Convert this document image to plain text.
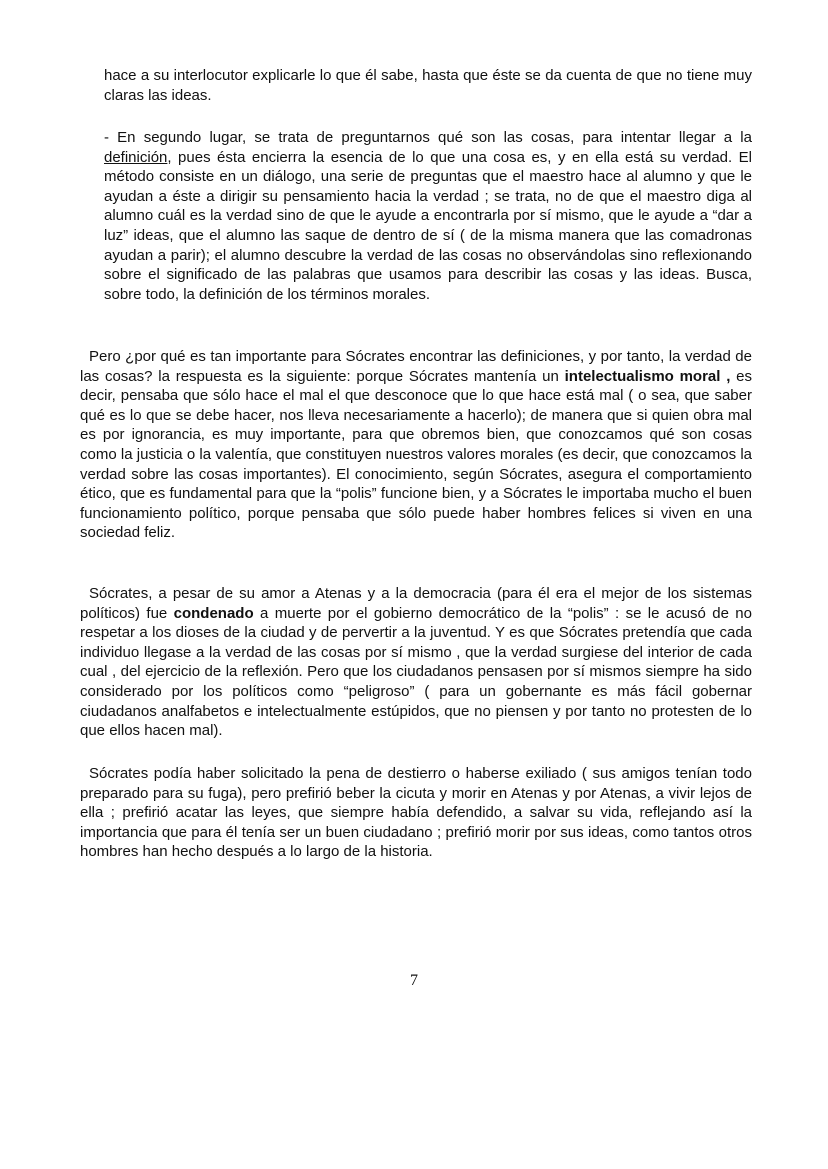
hace a su interlocutor explicarle lo que él sabe, hasta que éste se da cuenta de que no tiene muy claras las ideas.

- En segundo lugar, se trata de preguntarnos qué son las cosas, para intentar llegar a la definición, pues ésta encierra la esencia de lo que una cosa es, y en ella está su verdad. El método consiste en un diálogo, una serie de preguntas que el maestro hace al alumno y que le ayudan a éste a dirigir su pensamiento hacia la verdad ; se trata, no de que el maestro diga al alumno cuál es la verdad sino de que le ayude a encontrarla por sí mismo, que le ayude a “dar a luz” ideas, que el alumno las saque de dentro de sí ( de la misma manera que las comadronas ayudan a parir); el alumno descubre la verdad de las cosas no observándolas sino reflexionando sobre el significado de las palabras que usamos para describir las cosas y las ideas. Busca, sobre todo, la definición de los términos morales.

Pero ¿por qué es tan importante para Sócrates encontrar las definiciones, y por tanto, la verdad de las cosas? la respuesta es la siguiente: porque Sócrates mantenía un intelectualismo moral , es decir, pensaba que sólo hace el mal el que desconoce que lo que hace está mal ( o sea, que saber qué es lo que se debe hacer, nos lleva necesariamente a hacerlo); de manera que si quien obra mal es por ignorancia, es muy importante, para que obremos bien, que conozcamos qué son cosas como la justicia o la valentía, que constituyen nuestros valores morales (es decir, que conozcamos la verdad sobre las cosas importantes). El conocimiento, según Sócrates, asegura el comportamiento ético, que es fundamental para que la “polis” funcione bien, y a Sócrates le importaba mucho el buen funcionamiento político, porque pensaba que sólo puede haber hombres felices si viven en una sociedad feliz.

Sócrates, a pesar de su amor a Atenas y a la democracia (para él era el mejor de los sistemas políticos) fue condenado a muerte por el gobierno democrático de la “polis” : se le acusó de no respetar a los dioses de la ciudad y de pervertir a la juventud. Y es que Sócrates pretendía que cada individuo llegase a la verdad de las cosas por sí mismo , que la verdad surgiese del interior de cada cual , del ejercicio de la reflexión. Pero que los ciudadanos pensasen por sí mismos siempre ha sido considerado por los políticos como “peligroso” ( para un gobernante es más fácil gobernar ciudadanos analfabetos e intelectualmente estúpidos, que no piensen y por tanto no protesten de lo que ellos hacen mal).

Sócrates podía haber solicitado la pena de destierro o haberse exiliado ( sus amigos tenían todo preparado para su fuga), pero prefirió beber la cicuta y morir en Atenas y por Atenas, a vivir lejos de ella ; prefirió acatar las leyes, que siempre había defendido, a salvar su vida, reflejando así la importancia que para él tenía ser un buen ciudadano ; prefirió morir por sus ideas, como tantos otros hombres han hecho después a lo largo de la historia.

7
